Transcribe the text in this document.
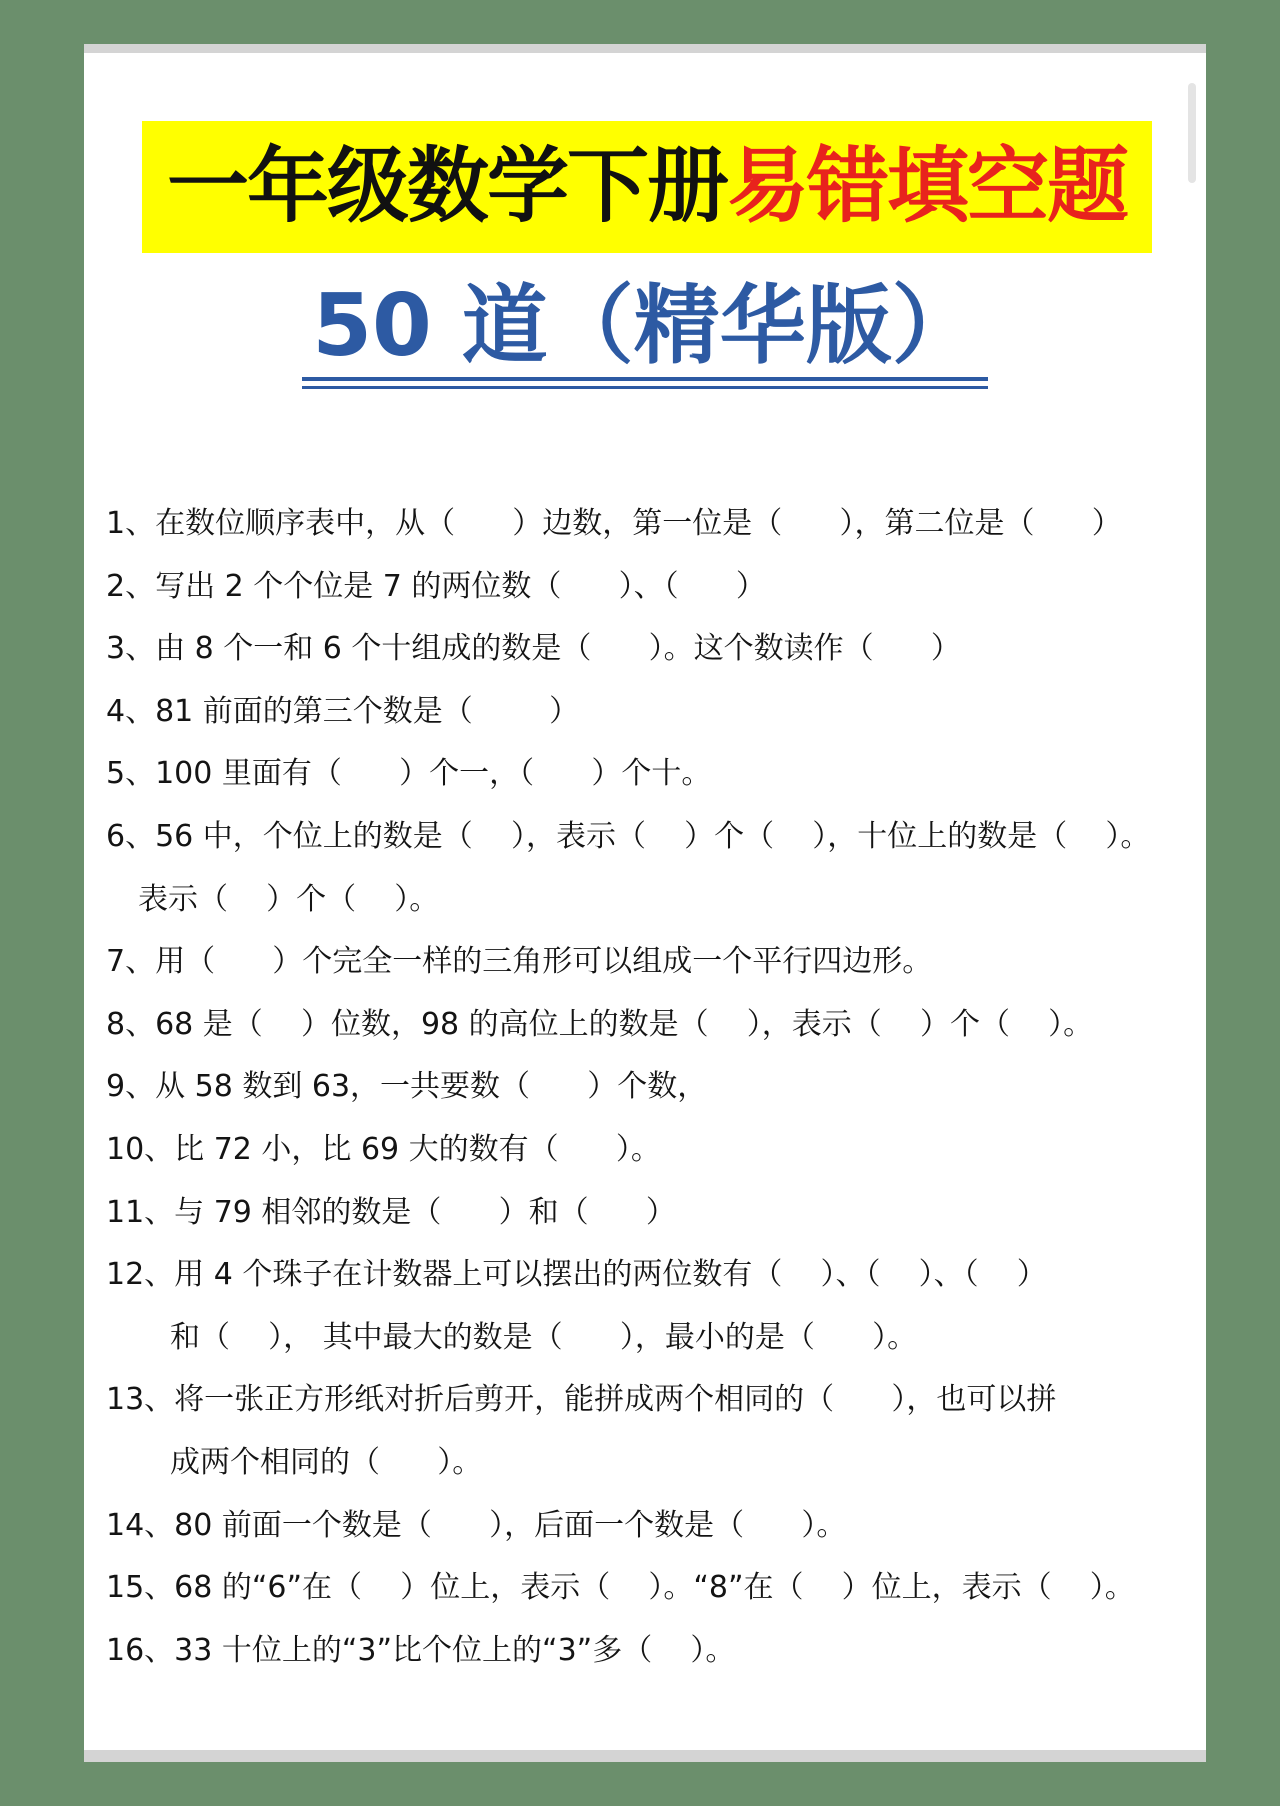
一年级数学下册 易错填空题
50 道（精华版）
1、在数位顺序表中，从（      ）边数，第一位是（      ），第二位是（      ）
2、写出 2 个个位是 7 的两位数（      ）、（      ）
3、由 8 个一和 6 个十组成的数是（      ）。这个数读作（      ）
4、81 前面的第三个数是（        ）
5、100 里面有（      ）个一，（      ）个十。
6、56 中，个位上的数是（    ），表示（    ）个（    ），十位上的数是（    ）。
表示（    ）个（    ）。
7、用（      ）个完全一样的三角形可以组成一个平行四边形。
8、68 是（    ）位数，98 的高位上的数是（    ），表示（    ）个（    ）。
9、从 58 数到 63，一共要数（      ）个数，
10、比 72 小，比 69 大的数有（      ）。
11、与 79 相邻的数是（      ）和（      ）
12、用 4 个珠子在计数器上可以摆出的两位数有（    ）、（    ）、（    ）
和（    ）， 其中最大的数是（      ），最小的是（      ）。
13、将一张正方形纸对折后剪开，能拼成两个相同的（      ），也可以拼
成两个相同的（      ）。
14、80 前面一个数是（      ），后面一个数是（      ）。
15、68 的“6”在（    ）位上，表示（    ）。“8”在（    ）位上，表示（    ）。
16、33 十位上的“3”比个位上的“3”多（    ）。
